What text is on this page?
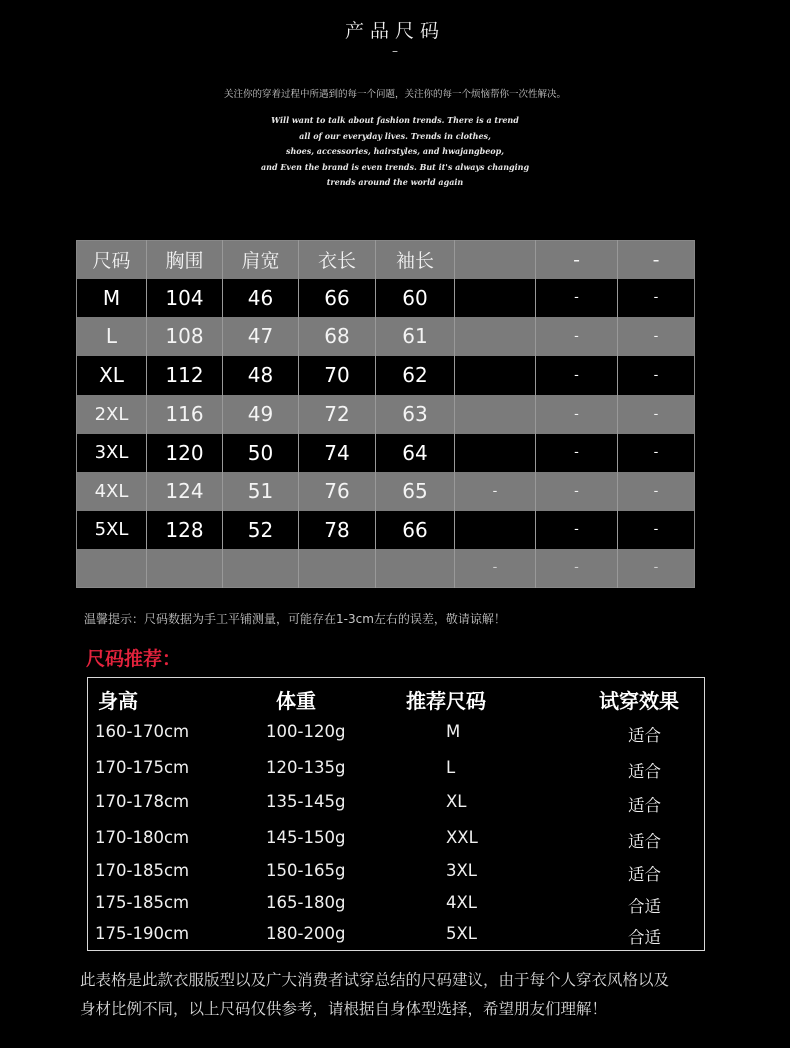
产品尺码
–
关注你的穿着过程中所遇到的每一个问题，关注你的每一个烦恼帮你一次性解决。
Will want to talk about fashion trends. There is a trend
all of our everyday lives. Trends in clothes,
shoes, accessories, hairstyles, and hwajangbeop,
and Even the brand is even trends. But it's always changing
trends around the world again
尺码	胸围	肩宽	衣长	袖长		-	-
M	104	46	66	60		-	-
L	108	47	68	61		-	-
XL	112	48	70	62		-	-
2XL	116	49	72	63		-	-
3XL	120	50	74	64		-	-
4XL	124	51	76	65	-	-	-
5XL	128	52	78	66		-	-
					-	-	-
温馨提示：尺码数据为手工平铺测量，可能存在1-3cm左右的误差，敬请谅解！
尺码推荐：
身高	体重	推荐尺码	试穿效果
160-170cm	100-120g	M	适合
170-175cm	120-135g	L	适合
170-178cm	135-145g	XL	适合
170-180cm	145-150g	XXL	适合
170-185cm	150-165g	3XL	适合
175-185cm	165-180g	4XL	合适
175-190cm	180-200g	5XL	合适
此表格是此款衣服版型以及广大消费者试穿总结的尺码建议，由于每个人穿衣风格以及
身材比例不同，以上尺码仅供参考，请根据自身体型选择，希望朋友们理解！
